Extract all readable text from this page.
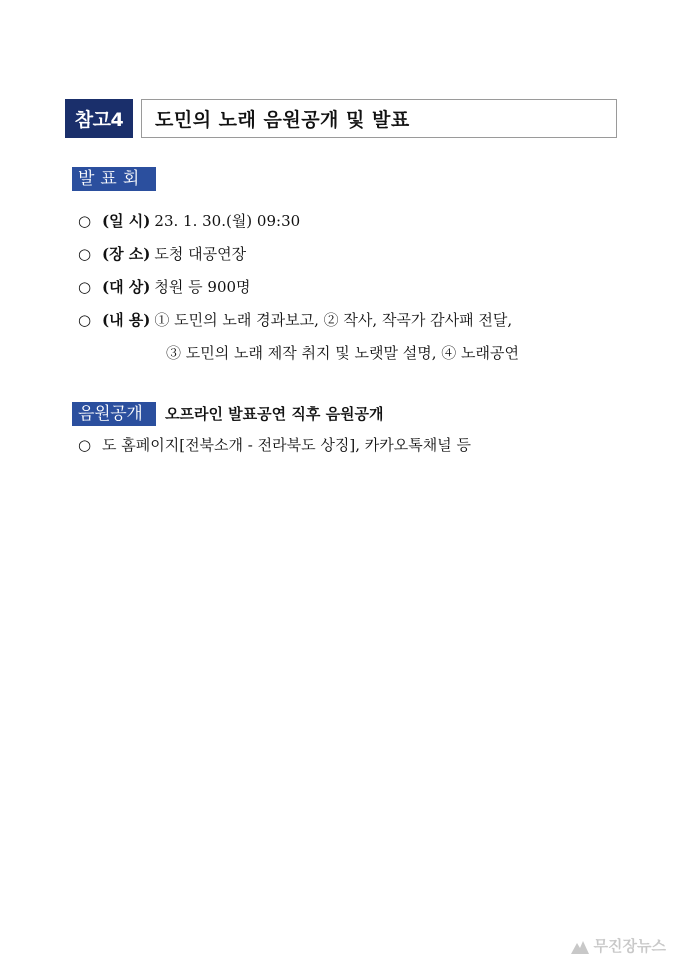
참고4	도민의 노래 음원공개 및 발표
발표회
○ (일 시) 23. 1. 30.(월) 09:30
○ (장 소) 도청 대공연장
○ (대 상) 청원 등 900명
○ (내 용) ① 도민의 노래 경과보고, ② 작사, 작곡가 감사패 전달,
③ 도민의 노래 제작 취지 및 노랫말 설명, ④ 노래공연
음원공개	오프라인 발표공연 직후 음원공개
○ 도 홈페이지[전북소개 - 전라북도 상징], 카카오톡채널 등
무진장뉴스
